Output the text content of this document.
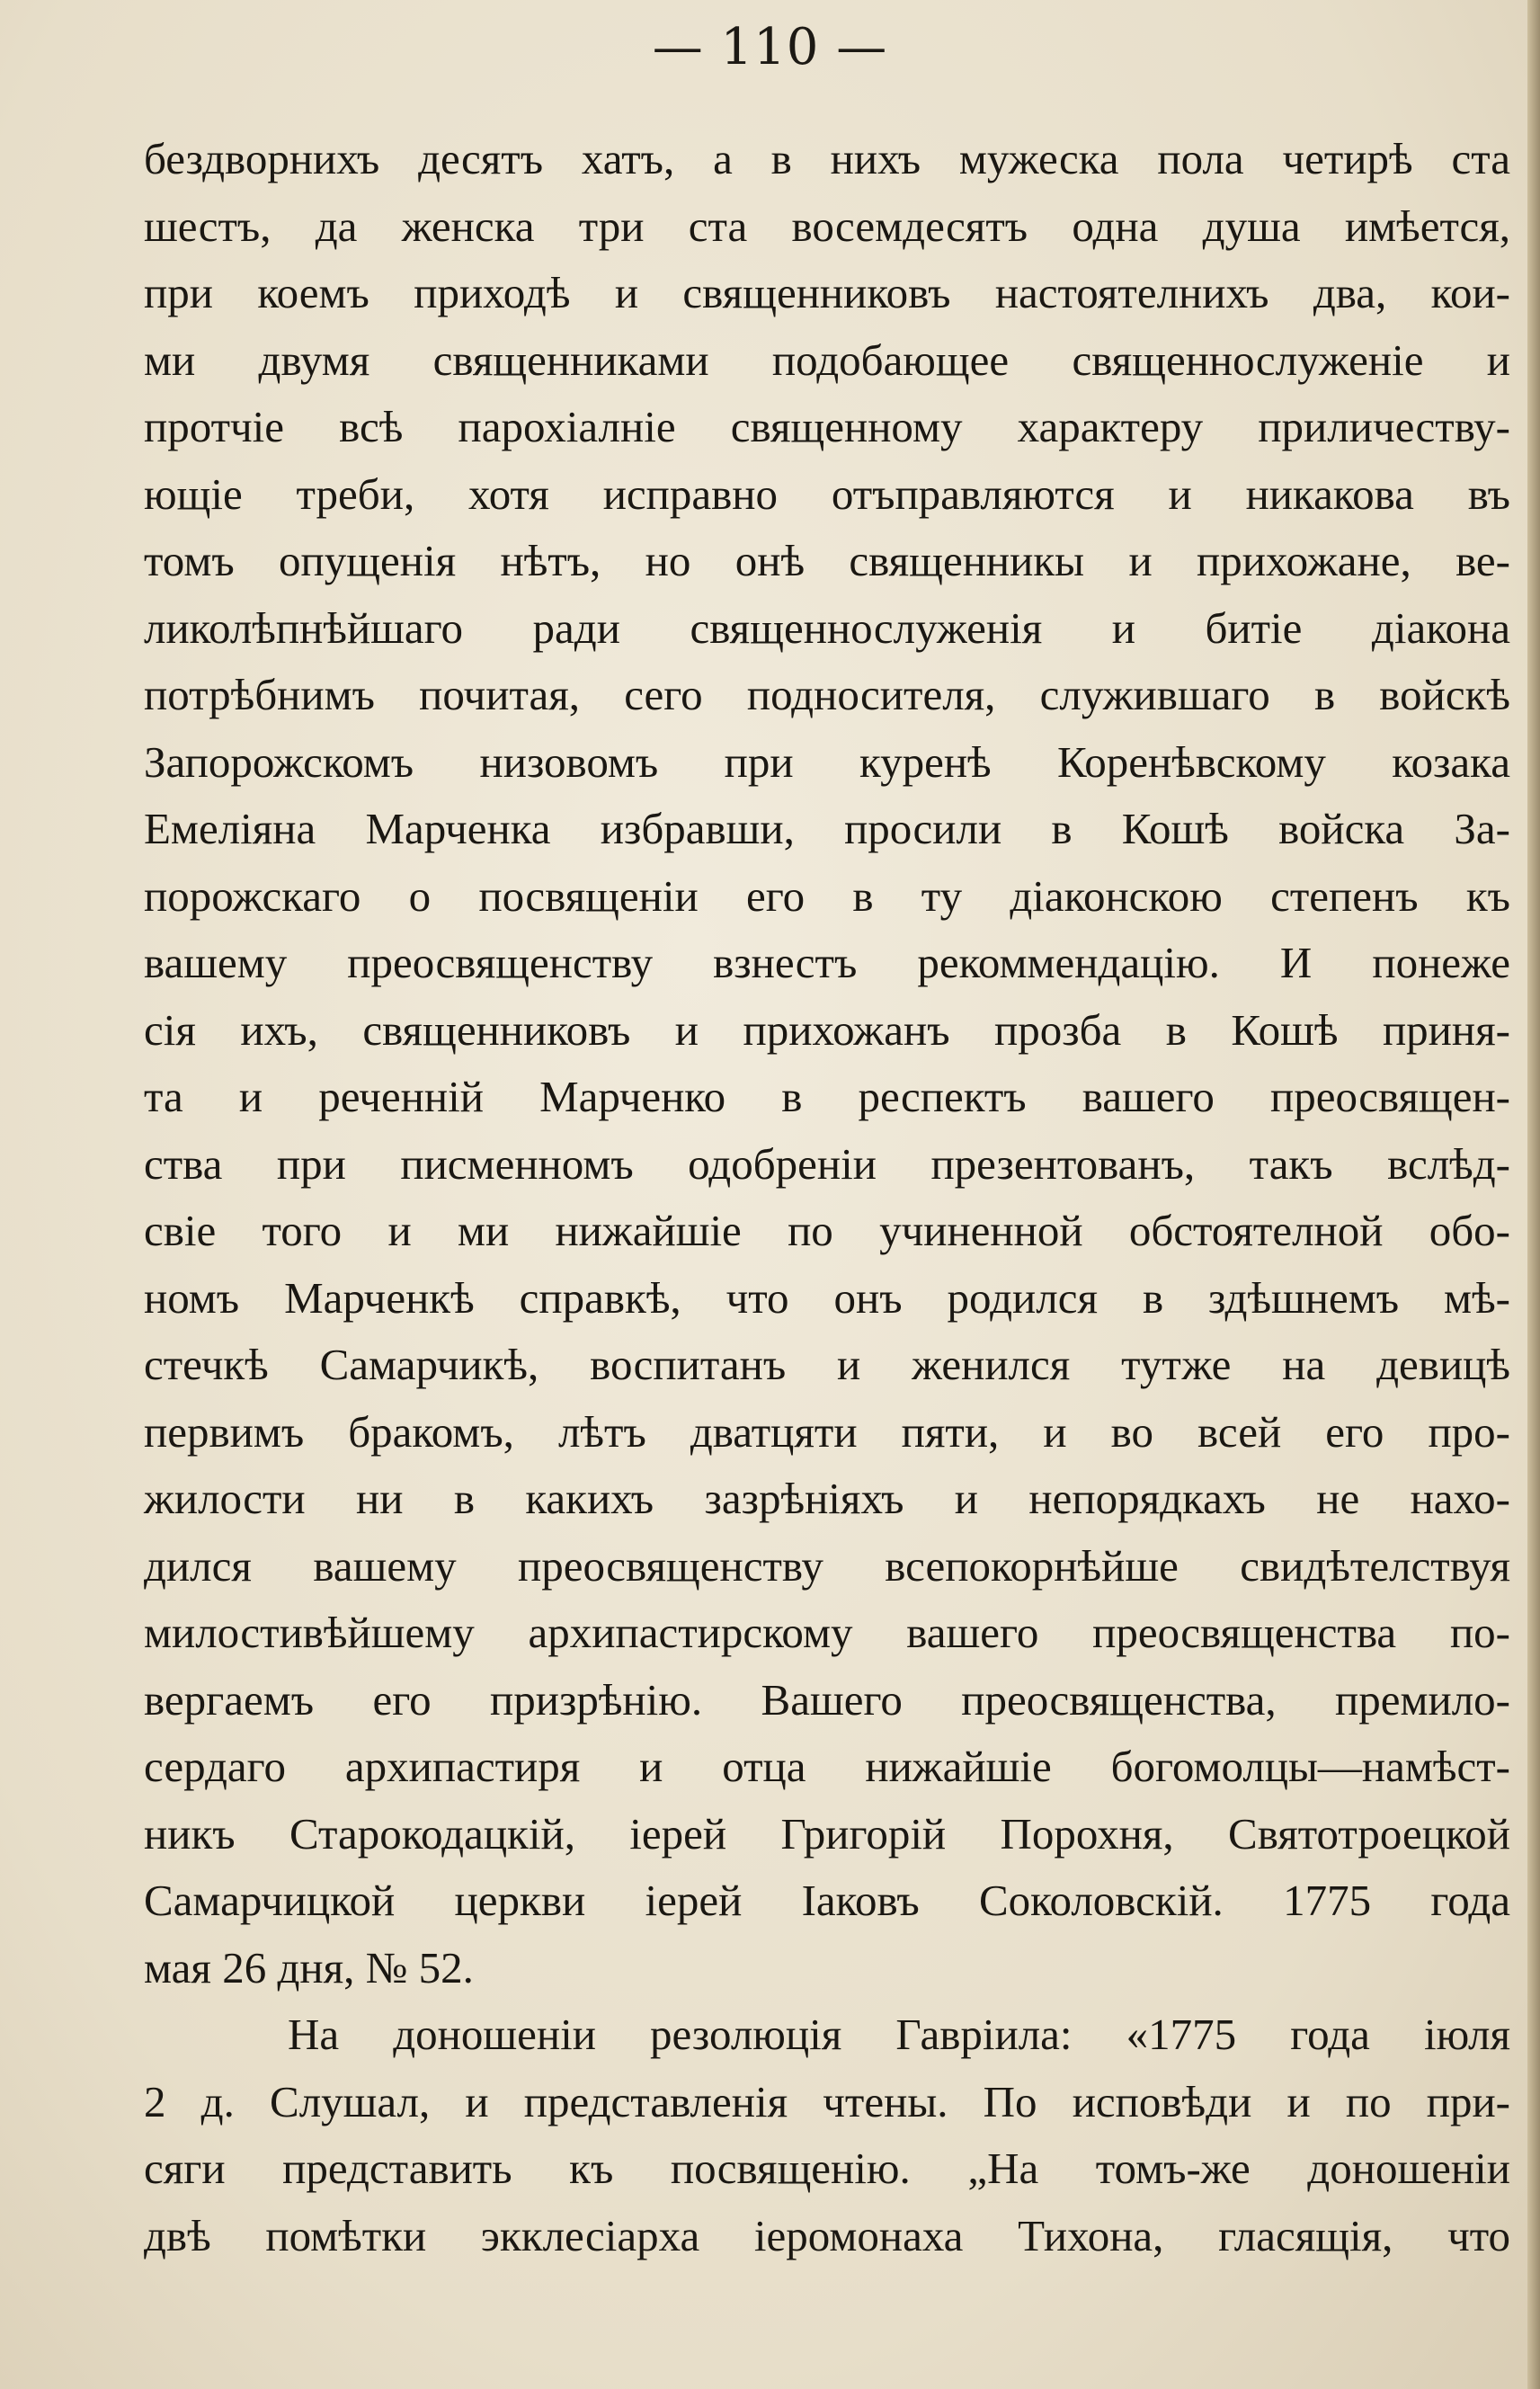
— 110 —
бездворнихъ десятъ хатъ, а в нихъ мужеска пола четирѣ ста
шестъ, да женска три ста восемдесятъ одна душа имѣется,
при коемъ приходѣ и священниковъ настоятелнихъ два, кои-
ми двумя священниками подобающее священнослуженіе и
протчіе всѣ парохіалніе священному характеру приличеству-
ющіе треби, хотя исправно отъправляются и никакова въ
томъ опущенія нѣтъ, но онѣ священникы и прихожане, ве-
ликолѣпнѣйшаго ради священнослуженія и битіе діакона
потрѣбнимъ почитая, сего подносителя, служившаго в войскѣ
Запорожскомъ низовомъ при куренѣ Коренѣвскому козака
Емеліяна Марченка избравши, просили в Кошѣ войска За-
порожскаго о посвященіи его в ту діаконскою степенъ къ
вашему преосвященству взнестъ рекоммендацію. И понеже
сія ихъ, священниковъ и прихожанъ прозба в Кошѣ приня-
та и реченній Марченко в респектъ вашего преосвящен-
ства при писменномъ одобреніи презентованъ, такъ вслѣд-
свіе того и ми нижайшіе по учиненной обстоятелной обо-
номъ Марченкѣ справкѣ, что онъ родился в здѣшнемъ мѣ-
стечкѣ Самарчикѣ, воспитанъ и женился тутже на девицѣ
первимъ бракомъ, лѣтъ дватцяти пяти, и во всей его про-
жилости ни в какихъ зазрѣніяхъ и непорядкахъ не нахо-
дился вашему преосвященству всепокорнѣйше свидѣтелствуя
милостивѣйшему архипастирскому вашего преосвященства по-
вергаемъ его призрѣнію. Вашего преосвященства, премило-
сердаго архипастиря и отца нижайшіе богомолцы—намѣст-
никъ Старокодацкій, іерей Григорій Порохня, Святотроецкой
Самарчицкой церкви іерей Іаковъ Соколовскій. 1775 года
мая 26 дня, № 52.
На доношеніи резолюція Гавріила: «1775 года іюля
2 д. Слушал, и представленія чтены. По исповѣди и по при-
сяги представить къ посвященію. „На томъ-же доношеніи
двѣ помѣтки экклесіарха іеромонаха Тихона, гласящія, что
